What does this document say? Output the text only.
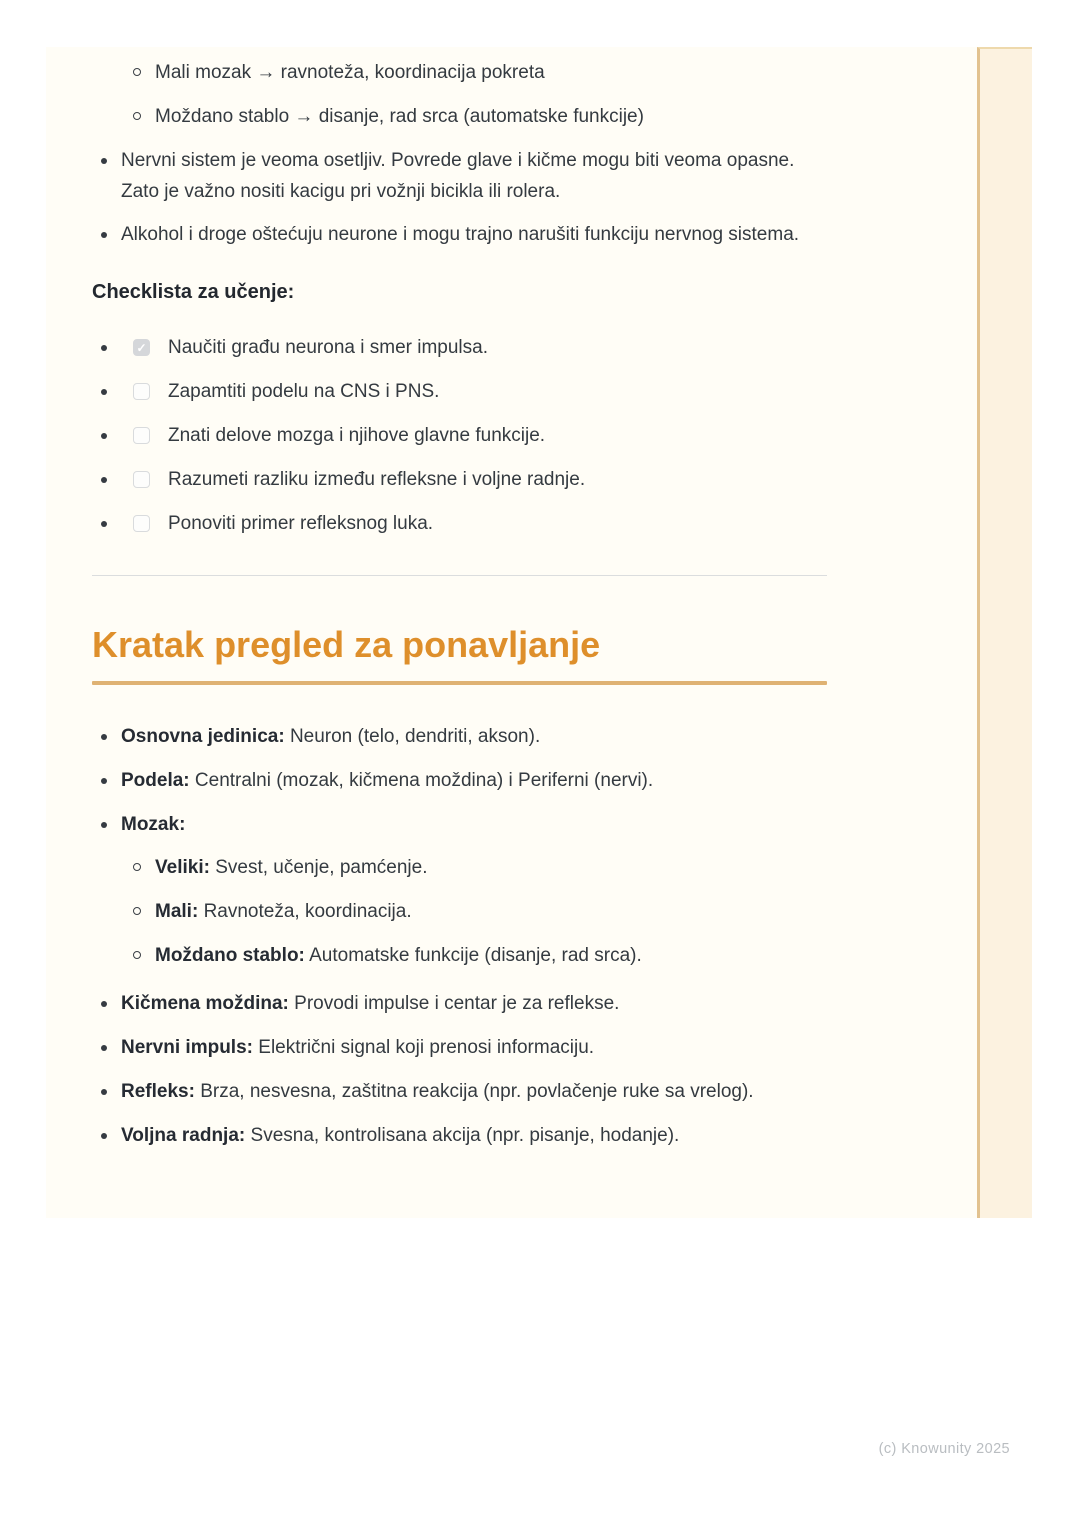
Mali mozak → ravnoteža, koordinacija pokreta
Moždano stablo → disanje, rad srca (automatske funkcije)
Nervni sistem je veoma osetljiv. Povrede glave i kičme mogu biti veoma opasne. Zato je važno nositi kacigu pri vožnji bicikla ili rolera.
Alkohol i droge oštećuju neurone i mogu trajno narušiti funkciju nervnog sistema.
Checklista za učenje:
✓ Naučiti građu neurona i smer impulsa.
Zapamtiti podelu na CNS i PNS.
Znati delove mozga i njihove glavne funkcije.
Razumeti razliku između refleksne i voljne radnje.
Ponoviti primer refleksnog luka.
Kratak pregled za ponavljanje
Osnovna jedinica: Neuron (telo, dendriti, akson).
Podela: Centralni (mozak, kičmena moždina) i Periferni (nervi).
Mozak:
Veliki: Svest, učenje, pamćenje.
Mali: Ravnoteža, koordinacija.
Moždano stablo: Automatske funkcije (disanje, rad srca).
Kičmena moždina: Provodi impulse i centar je za reflekse.
Nervni impuls: Električni signal koji prenosi informaciju.
Refleks: Brza, nesvesna, zaštitna reakcija (npr. povlačenje ruke sa vrelog).
Voljna radnja: Svesna, kontrolisana akcija (npr. pisanje, hodanje).
(c) Knowunity 2025
